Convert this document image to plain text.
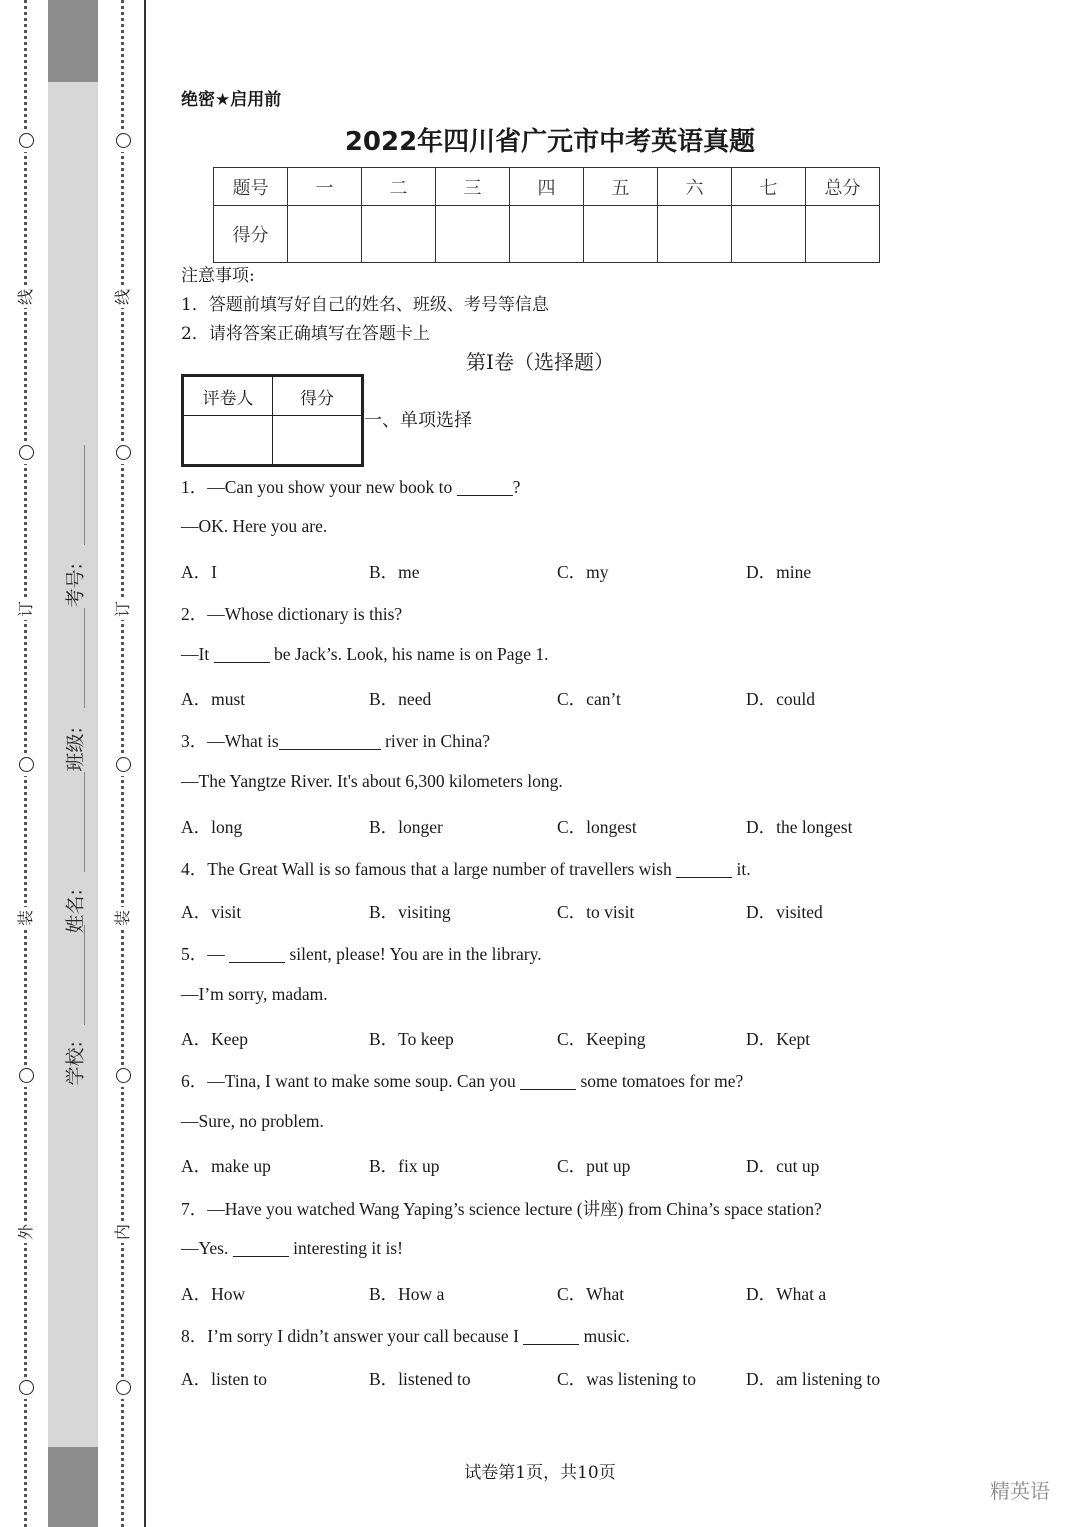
线
订
装
外
线
订
装
内
考号:
班级:
姓名:
学校:
绝密★启用前
2022年四川省广元市中考英语真题
题号	一	二	三	四	五	六	七	总分
得分								
注意事项:
1．答题前填写好自己的姓名、班级、考号等信息
2．请将答案正确填写在答题卡上
第I卷（选择题）
评卷人	得分

一、单项选择
1．—Can you show your new book to	?
—OK. Here you are.
A．I	B．me	C．my	D．mine
2．—Whose dictionary is this?
—It	be Jack’s. Look, his name is on Page 1.
A．must	B．need	C．can’t	D．could
3．—What is	river in China?
—The Yangtze River. It's about 6,300 kilometers long.
A．long	B．longer	C．longest	D．the longest
4．The Great Wall is so famous that a large number of travellers wish	it.
A．visit	B．visiting	C．to visit	D．visited
5．—	silent, please! You are in the library.
—I’m sorry, madam.
A．Keep	B．To keep	C．Keeping	D．Kept
6．—Tina, I want to make some soup. Can you	some tomatoes for me?
—Sure, no problem.
A．make up	B．fix up	C．put up	D．cut up
7．—Have you watched Wang Yaping’s science lecture (讲座) from China’s space station?
—Yes.	interesting it is!
A．How	B．How a	C．What	D．What a
8．I’m sorry I didn’t answer your call because I	music.
A．listen to	B．listened to	C．was listening to	D．am listening to
试卷第1页，共10页
精英语
